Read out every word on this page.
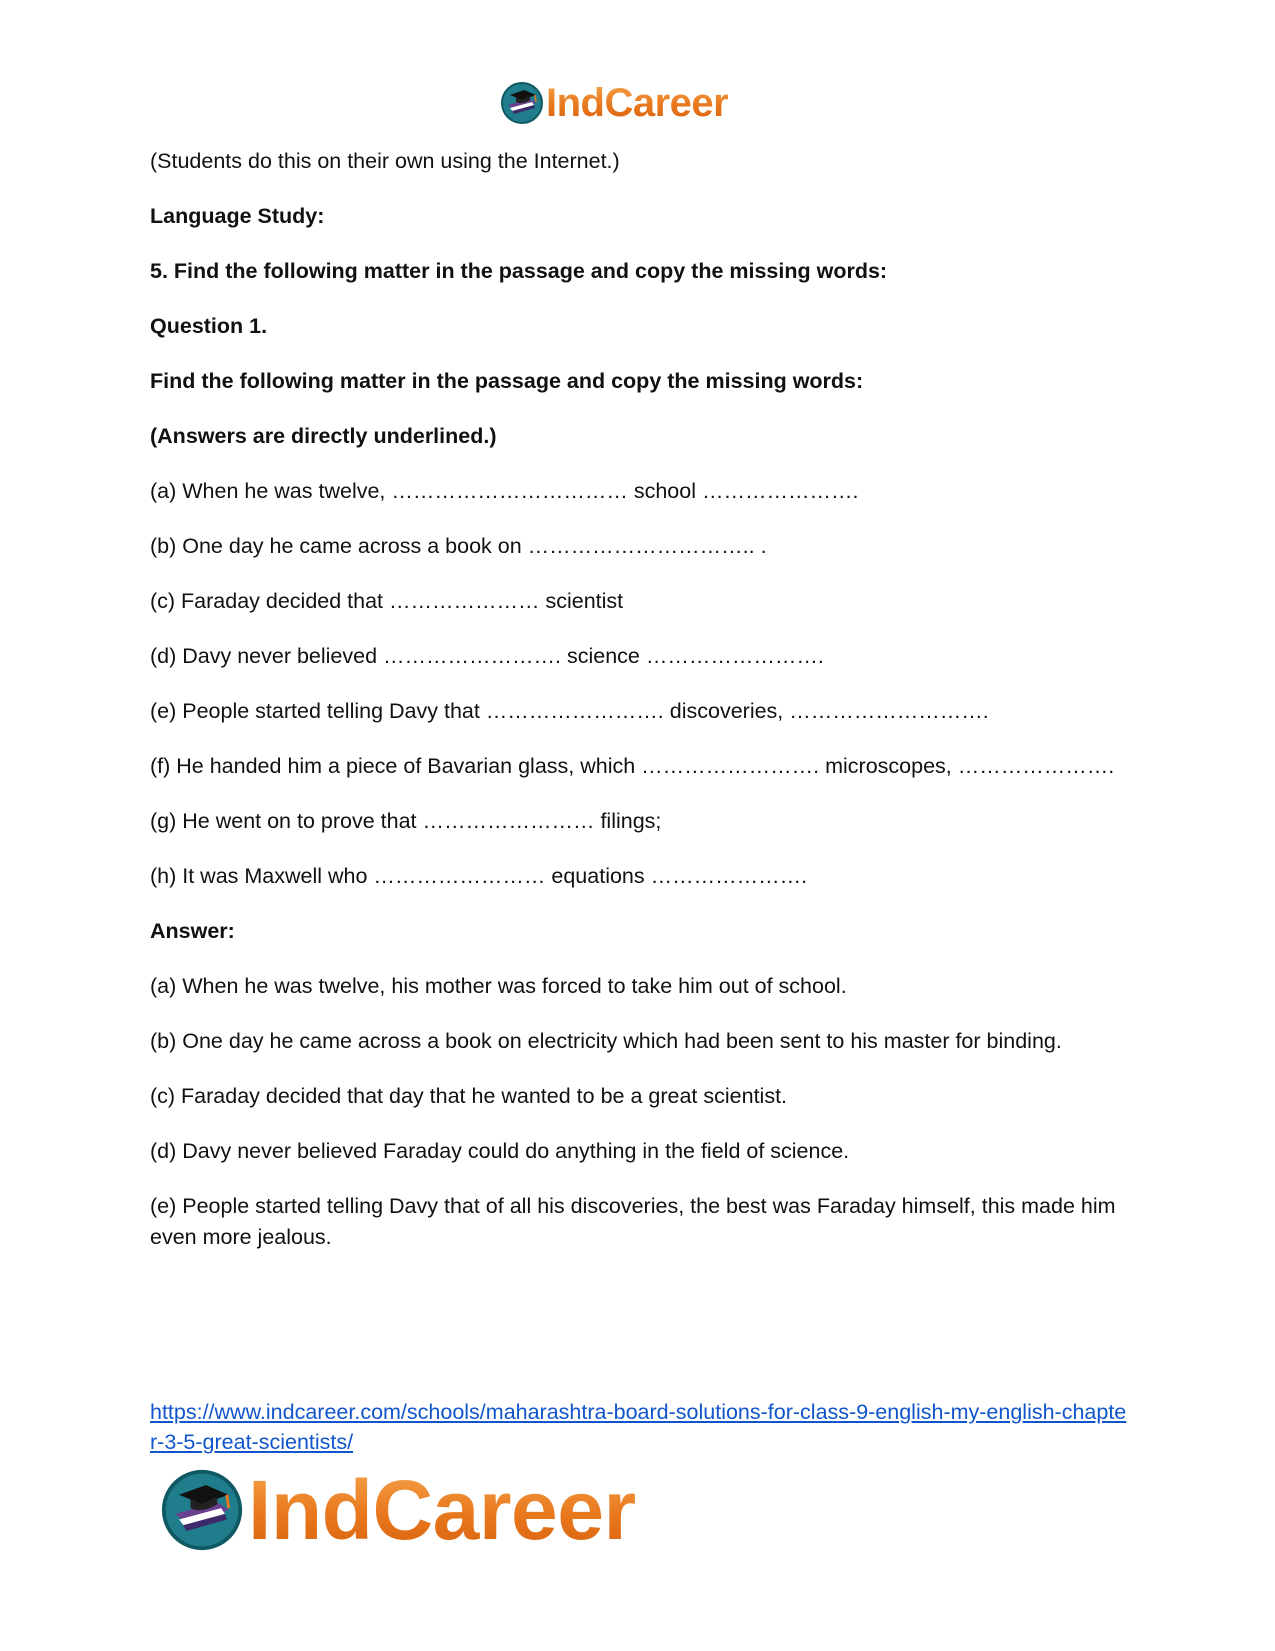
IndCareer

(Students do this on their own using the Internet.)

Language Study:

5. Find the following matter in the passage and copy the missing words:

Question 1.

Find the following matter in the passage and copy the missing words:

(Answers are directly underlined.)

(a) When he was twelve, …………………………… school ………………….

(b) One day he came across a book on ………………………….. .

(c) Faraday decided that ………………… scientist

(d) Davy never believed ……………………. science …………………….

(e) People started telling Davy that ……………………. discoveries, ……………………….

(f) He handed him a piece of Bavarian glass, which ……………………. microscopes, ………………….

(g) He went on to prove that …………………… filings;

(h) It was Maxwell who …………………… equations ………………….

Answer:

(a) When he was twelve, his mother was forced to take him out of school.

(b) One day he came across a book on electricity which had been sent to his master for binding.

(c) Faraday decided that day that he wanted to be a great scientist.

(d) Davy never believed Faraday could do anything in the field of science.

(e) People started telling Davy that of all his discoveries, the best was Faraday himself, this made him even more jealous.

https://www.indcareer.com/schools/maharashtra-board-solutions-for-class-9-english-my-english-chapter-3-5-great-scientists/
IndCareer
